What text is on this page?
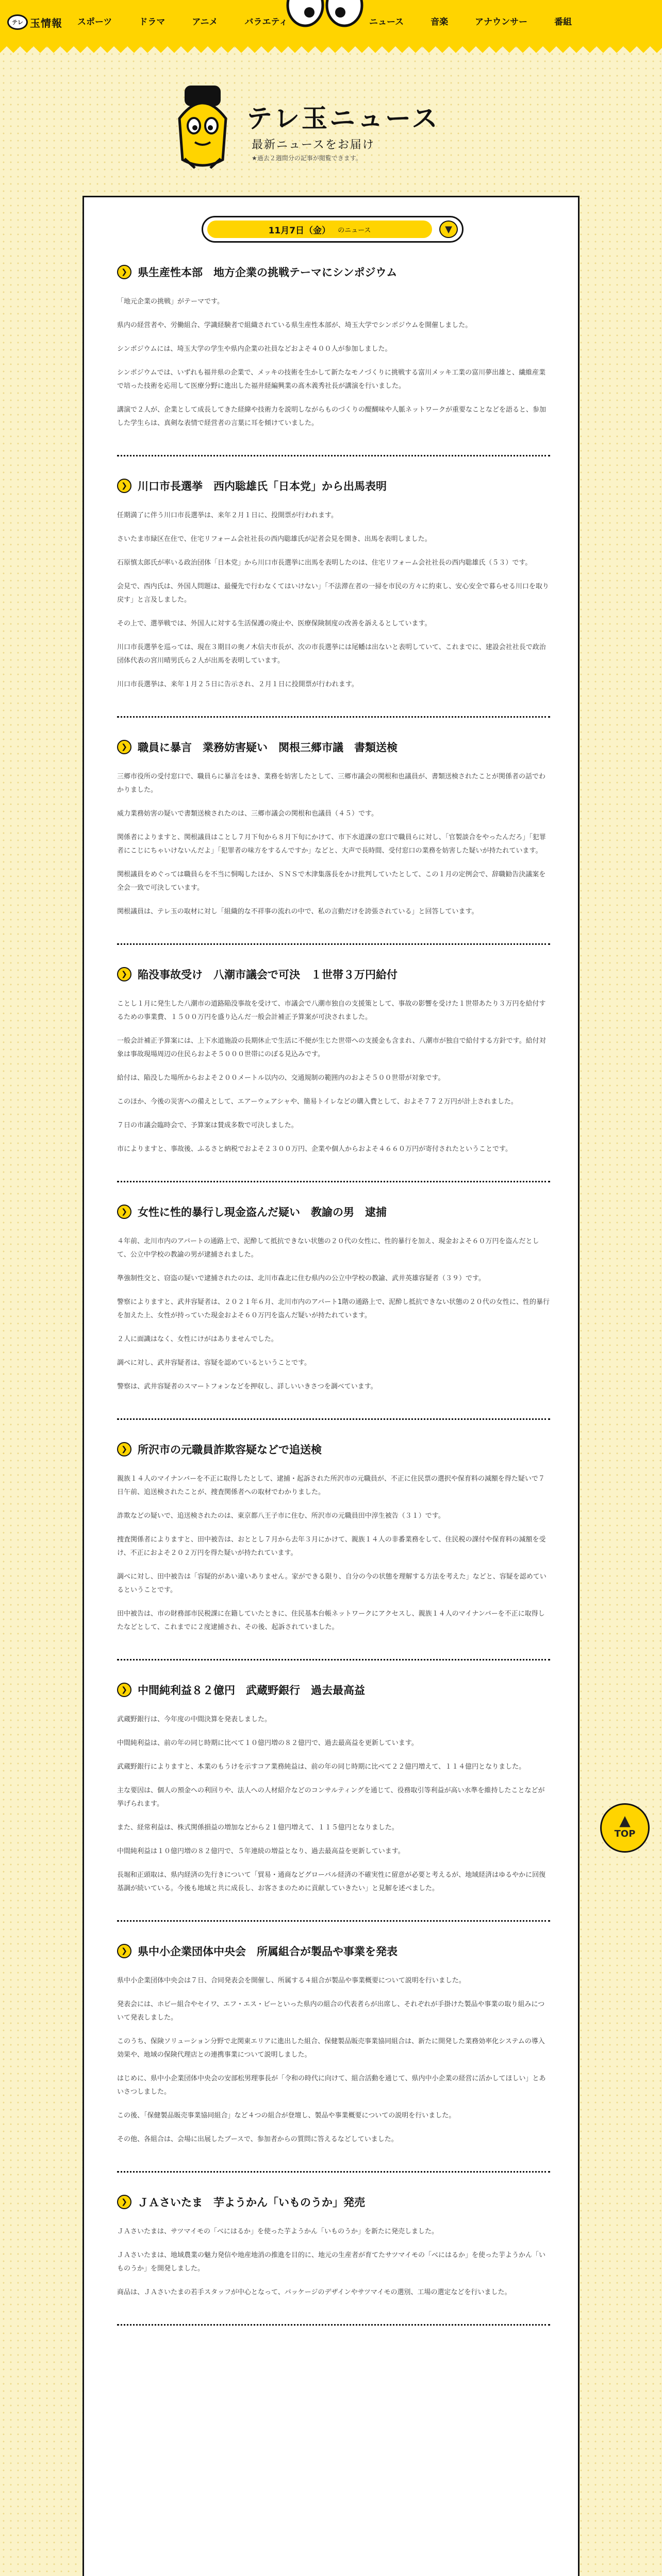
テレ 玉情報 スポーツ	ドラマ	アニメ	バラエティ	ニュース	音楽	アナウンサー	番組
テレ玉ニュース
最新ニュースをお届け
★過去２週間分の記事が閲覧できます。
11月7日（金） のニュース	▼
❯ 県生産性本部　地方企業の挑戦テーマにシンポジウム

「地元企業の挑戦」がテーマです。

県内の経営者や、労働組合、学識経験者で組織されている県生産性本部が、埼玉大学でシンポジウムを開催しました。

シンポジウムには、埼玉大学の学生や県内企業の社員などおよそ４００人が参加しました。

シンポジウムでは、いずれも福井県の企業で、メッキの技術を生かして新たなモノづくりに挑戦する富川メッキ工業の富川夢出雄と、繊維産業で培った技術を応用して医療分野に進出した福井経編興業の髙木義秀社長が講演を行いました。

講演で２人が、企業として成長してきた経緯や技術力を説明しながらものづくりの醍醐味や人脈ネットワークが重要なことなどを語ると、参加した学生らは、真剣な表情で経営者の言葉に耳を傾けていました。

❯ 川口市長選挙　西内聡雄氏「日本党」から出馬表明

任期満了に伴う川口市長選挙は、来年２月１日に、投開票が行われます。

さいたま市緑区在住で、住宅リフォーム会社社長の西内聡雄氏が記者会見を開き、出馬を表明しました。

石原慎太郎氏が率いる政治団体「日本党」から川口市長選挙に出馬を表明したのは、住宅リフォーム会社社長の西内聡雄氏（５３）です。

会見で、西内氏は、外国人問題は、最優先で行わなくてはいけない」「不法滞在者の一掃を市民の方々に約束し、安心安全で暮らせる川口を取り戻す」と言及しました。

その上で、選挙戦では、外国人に対する生活保護の廃止や、医療保険制度の改善を訴えるとしています。

川口市長選挙を巡っては、現在３期目の奥ノ木信夫市長が、次の市長選挙には尾幡は出ないと表明していて、これまでに、建設会社社長で政治団体代表の宮川晴男氏ら２人が出馬を表明しています。

川口市長選挙は、来年１月２５日に告示され、２月１日に投開票が行われます。

❯ 職員に暴言　業務妨害疑い　関根三郷市議　書類送検

三郷市役所の受付窓口で、職員らに暴言をはき、業務を妨害したとして、三郷市議会の関根和也議員が、書類送検されたことが関係者の話でわかりました。

威力業務妨害の疑いで書類送検されたのは、三郷市議会の関根和也議員（４５）です。

関係者によりますと、関根議員はことし７月下旬から８月下旬にかけて、市下水道課の窓口で職員らに対し、「官製談合をやったんだろ」「犯罪者にこじにちゃいけないんだよ」「犯罪者の味方をするんですか」などと、大声で長時間、受付窓口の業務を妨害した疑いが持たれています。

関根議員をめぐっては職員らを不当に恫喝したほか、ＳＮＳで木津集落長をかけ批判していたとして、この１月の定例会で、辞職勧告決議案を全会一致で可決しています。

関根議員は、テレ玉の取材に対し「組織的な不祥事の流れの中で、私の言動だけを誇張されている」と回答しています。

❯ 陥没事故受け　八潮市議会で可決　１世帯３万円給付

ことし１月に発生した八潮市の道路陥没事故を受けて、市議会で八潮市独自の支援策として、事故の影響を受けた１世帯あたり３万円を給付するための事業費、１５００万円を盛り込んだ一般会計補正予算案が可決されました。

一般会計補正予算案には、上下水道施設の長期休止で生活に不便が生じた世帯への支援金も含まれ、八潮市が独自で給付する方針です。給付対象は事故現場周辺の住民らおよそ５０００世帯にのぼる見込みです。

給付は、陥没した場所からおよそ２００メートル以内の、交通規制の範囲内のおよそ５００世帯が対象です。

このほか、今後の災害への備えとして、エアーウェアシャや、簡易トイレなどの購入費として、およそ７７２万円が計上されました。

７日の市議会臨時会で、予算案は賛成多数で可決しました。

市によりますと、事故後、ふるさと納税でおよそ２３００万円、企業や個人からおよそ４６６０万円が寄付されたということです。

❯ 女性に性的暴行し現金盗んだ疑い　教諭の男　逮捕

４年前、北川市内のアパートの通路上で、泥酔して抵抗できない状態の２０代の女性に、性的暴行を加え、現金およそ６０万円を盗んだとして、公立中学校の教諭の男が逮捕されました。

準強制性交と、窃盗の疑いで逮捕されたのは、北川市森北に住む県内の公立中学校の教諭、武井英雄容疑者（３９）です。

警察によりますと、武井容疑者は、２０２１年６月、北川市内のアパート1階の通路上で、泥酔し抵抗できない状態の２０代の女性に、性的暴行を加えた上、女性が持っていた現金およそ６０万円を盗んだ疑いが持たれています。

２人に面識はなく、女性にけがはありませんでした。

調べに対し、武井容疑者は、容疑を認めているということです。

警察は、武井容疑者のスマートフォンなどを押収し、詳しいいきさつを調べています。

❯ 所沢市の元職員詐欺容疑などで追送検

親族１４人のマイナンバーを不正に取得したとして、逮捕・起訴された所沢市の元職員が、不正に住民票の選択や保育料の減額を得た疑いで７日午前、追送検されたことが、捜査関係者への取材でわかりました。

詐欺などの疑いで、追送検されたのは、東京都八王子市に住む、所沢市の元職員田中淳生被告（３１）です。

捜査関係者によりますと、田中被告は、おととし７月から去年３月にかけて、親族１４人の非番業務をして、住民税の課付や保育料の減額を受け、不正におよそ２０２万円を得た疑いが持たれています。

調べに対し、田中被告は「容疑的があい違いありません。家ができる限り、自分の今の状態を理解する方法を考えた」などと、容疑を認めているということです。

田中被告は、市の財務部市民税課に在籍していたときに、住民基本台帳ネットワークにアクセスし、親族１４人のマイナンバーを不正に取得したなどとして、これまでに２度逮捕され、その後、起訴されていました。

❯ 中間純利益８２億円　武蔵野銀行　過去最高益

武蔵野銀行は、今年度の中間決算を発表しました。

中間純利益は、前の年の同じ時期に比べて１０億円増の８２億円で、過去最高益を更新しています。

武蔵野銀行によりますと、本業のもうけを示すコア業務純益は、前の年の同じ時期に比べて２２億円増えて、１１４億円となりました。

主な要因は、個人の預金への利回りや、法人への人材紹介などのコンサルティングを通じて、役務取引等利益が高い水準を維持したことなどが挙げられます。

また、経常利益は、株式関係損益の増加などから２１億円増えて、１１５億円となりました。

中間純利益は１０億円増の８２億円で、５年連続の増益となり、過去最高益を更新しています。

長堀和正頭取は、県内経済の先行きについて「貿易・通商などグローバル経済の不確実性に留意が必要と考えるが、地域経済はゆるやかに回復基調が続いている。今後も地域と共に成長し、お客さまのために貢献していきたい」と見解を述べました。

❯ 県中小企業団体中央会　所属組合が製品や事業を発表

県中小企業団体中央会は７日、合同発表会を開催し、所属する４組合が製品や事業概要について説明を行いました。

発表会には、ホビー組合やセイワ、エフ・エス・ビーといった県内の組合の代表者らが出席し、それぞれが手掛けた製品や事業の取り組みについて発表しました。

このうち、保険ソリューション分野で北関東エリアに進出した組合、保健製品販売事業協同組合は、新たに開発した業務効率化システムの導入効果や、地域の保険代理店との連携事業について説明しました。

はじめに、県中小企業団体中央会の安部松男理事長が「令和の時代に向けて、組合活動を通じて、県内中小企業の経営に活かしてほしい」とあいさつしました。

この後、「保健製品販売事業協同組合」など４つの組合が登壇し、製品や事業概要についての説明を行いました。

その他、各組合は、会場に出展したブースで、参加者からの質問に答えるなどしていました。

❯ ＪＡさいたま　芋ようかん「いものうか」発売

ＪＡさいたまは、サツマイモの「べにはるか」を使った芋ようかん「いものうか」を新たに発売しました。

ＪＡさいたまは、地域農業の魅力発信や地産地消の推進を目的に、地元の生産者が育てたサツマイモの「べにはるか」を使った芋ようかん「いものうか」を開発しました。

商品は、ＪＡさいたまの若手スタッフが中心となって、パッケージのデザインやサツマイモの選別、工場の選定などを行いました。

▲
TOP
